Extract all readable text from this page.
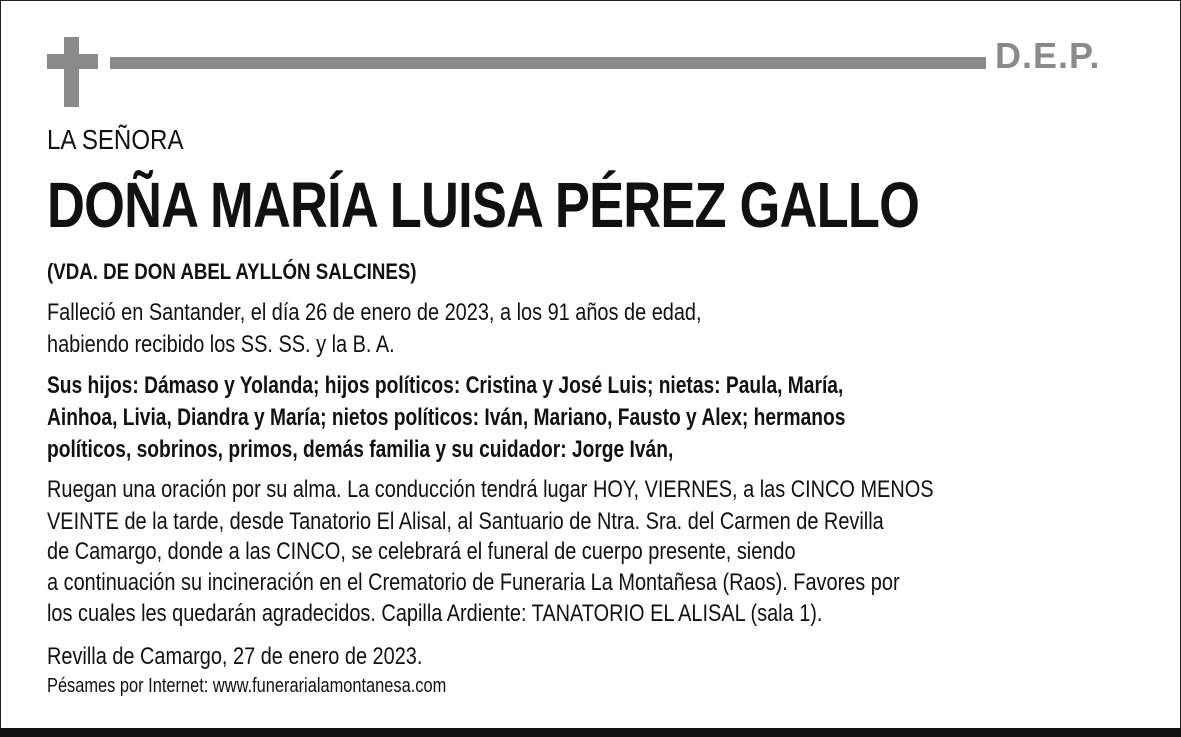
D.E.P.
LA SEÑORA
DOÑA MARÍA LUISA PÉREZ GALLO
(VDA. DE DON ABEL AYLLÓN SALCINES)
Falleció en Santander, el día 26 de enero de 2023, a los 91 años de edad,
habiendo recibido los SS. SS. y la B. A.
Sus hijos: Dámaso y Yolanda; hijos políticos: Cristina y José Luis; nietas: Paula, María,
Ainhoa, Livia, Diandra y María; nietos políticos: Iván, Mariano, Fausto y Alex; hermanos
políticos, sobrinos, primos, demás familia y su cuidador: Jorge Iván,
Ruegan una oración por su alma. La conducción tendrá lugar HOY, VIERNES, a las CINCO MENOS
VEINTE de la tarde, desde Tanatorio El Alisal, al Santuario de Ntra. Sra. del Carmen de Revilla
de Camargo, donde a las CINCO, se celebrará el funeral de cuerpo presente, siendo
a continuación su incineración en el Crematorio de Funeraria La Montañesa (Raos). Favores por
los cuales les quedarán agradecidos. Capilla Ardiente: TANATORIO EL ALISAL (sala 1).
Revilla de Camargo, 27 de enero de 2023.
Pésames por Internet: www.funerarialamontanesa.com
